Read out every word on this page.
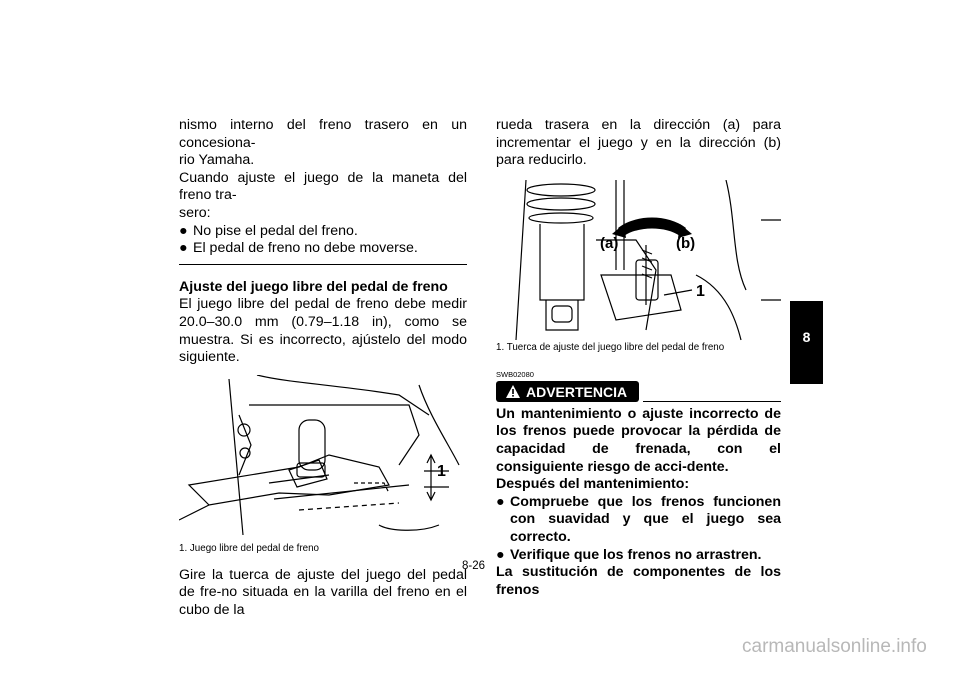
nismo interno del freno trasero en un concesiona-

rio Yamaha.

Cuando ajuste el juego de la maneta del freno tra-

sero:

● No pise el pedal del freno.
● El pedal de freno no debe moverse.
Ajuste del juego libre del pedal de freno

El juego libre del pedal de freno debe medir 20.0–30.0 mm (0.79–1.18 in), como se muestra. Si es incorrecto, ajústelo del modo siguiente.

1

1. Juego libre del pedal de freno

Gire la tuerca de ajuste del juego del pedal de fre-no situada en la varilla del freno en el cubo de la

rueda trasera en la dirección (a) para incrementar el juego y en la dirección (b) para reducirlo.

(a)	(b)
1

1. Tuerca de ajuste del juego libre del pedal de freno

SWB02080
ADVERTENCIA

Un mantenimiento o ajuste incorrecto de los frenos puede provocar la pérdida de capacidad de frenada, con el consiguiente riesgo de acci-dente.

Después del mantenimiento:

● Compruebe que los frenos funcionen con suavidad y que el juego sea correcto.
● Verifique que los frenos no arrastren.

La sustitución de componentes de los frenos

8
8-26
carmanualsonline.info
